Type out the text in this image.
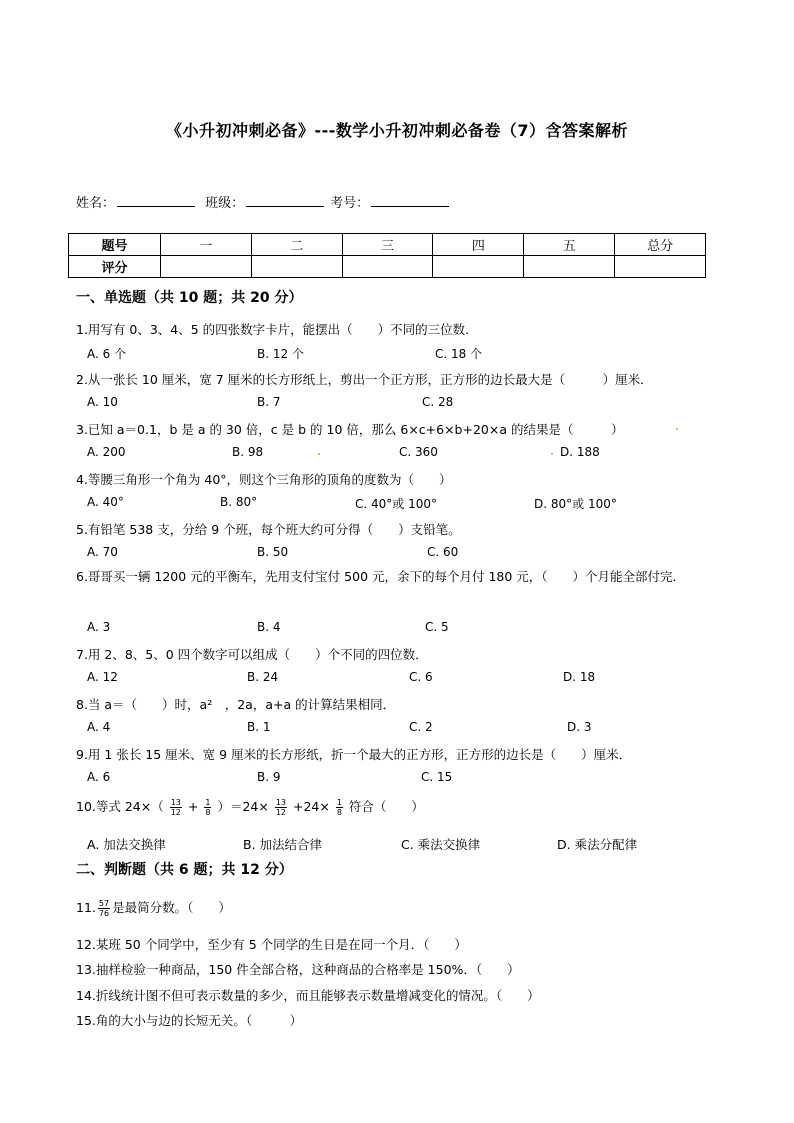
《小升初冲刺必备》---数学小升初冲刺必备卷（7）含答案解析
姓名：	班级：	考号：
题号	一	二	三	四	五	总分
评分						
一、单选题（共 10 题；共 20 分）
1.用写有 0、3、4、5 的四张数字卡片，能摆出（　　）不同的三位数．
A. 6 个	B. 12 个	C. 18 个
2.从一张长 10 厘米，宽 7 厘米的长方形纸上，剪出一个正方形，正方形的边长最大是（　　　）厘米．
A. 10	B. 7	C. 28
3.已知 a＝0.1，b 是 a 的 30 倍，c 是 b 的 10 倍，那么 6×c+6×b+20×a 的结果是（　　　）
A. 200	B. 98	C. 360	D. 188
4.等腰三角形一个角为 40°，则这个三角形的顶角的度数为（　　）
A. 40°	B. 80°	C. 40°或 100°	D. 80°或 100°
5.有铅笔 538 支，分给 9 个班，每个班大约可分得（　　）支铅笔。
A. 70	B. 50	C. 60
6.哥哥买一辆 1200 元的平衡车，先用支付宝付 500 元，余下的每个月付 180 元，（　　）个月能全部付完．
A. 3	B. 4	C. 5
7.用 2、8、5、0 四个数字可以组成（　　）个不同的四位数．
A. 12	B. 24	C. 6	D. 18
8.当 a＝（　　）时，a²　，2a，a+a 的计算结果相同．
A. 4	B. 1	C. 2	D. 3
9.用 1 张长 15 厘米、宽 9 厘米的长方形纸，折一个最大的正方形，正方形的边长是（　　）厘米．
A. 6	B. 9	C. 15
10.等式 $24\times( \frac{13}{12} + \frac{1}{8} )=24\times \frac{13}{12} +24\times \frac{1}{8}$ 符合（　　）
A. 加法交换律	B. 加法结合律	C. 乘法交换律	D. 乘法分配律
二、判断题（共 6 题；共 12 分）
11. $\frac{57}{76}$ 是最简分数。（　　）
12.某班 50 个同学中，至少有 5 个同学的生日是在同一个月．（　　）
13.抽样检验一种商品，150 件全部合格，这种商品的合格率是 150%．（　　）
14.折线统计图不但可表示数量的多少，而且能够表示数量增减变化的情况。（　　）
15.角的大小与边的长短无关。（　　　）
